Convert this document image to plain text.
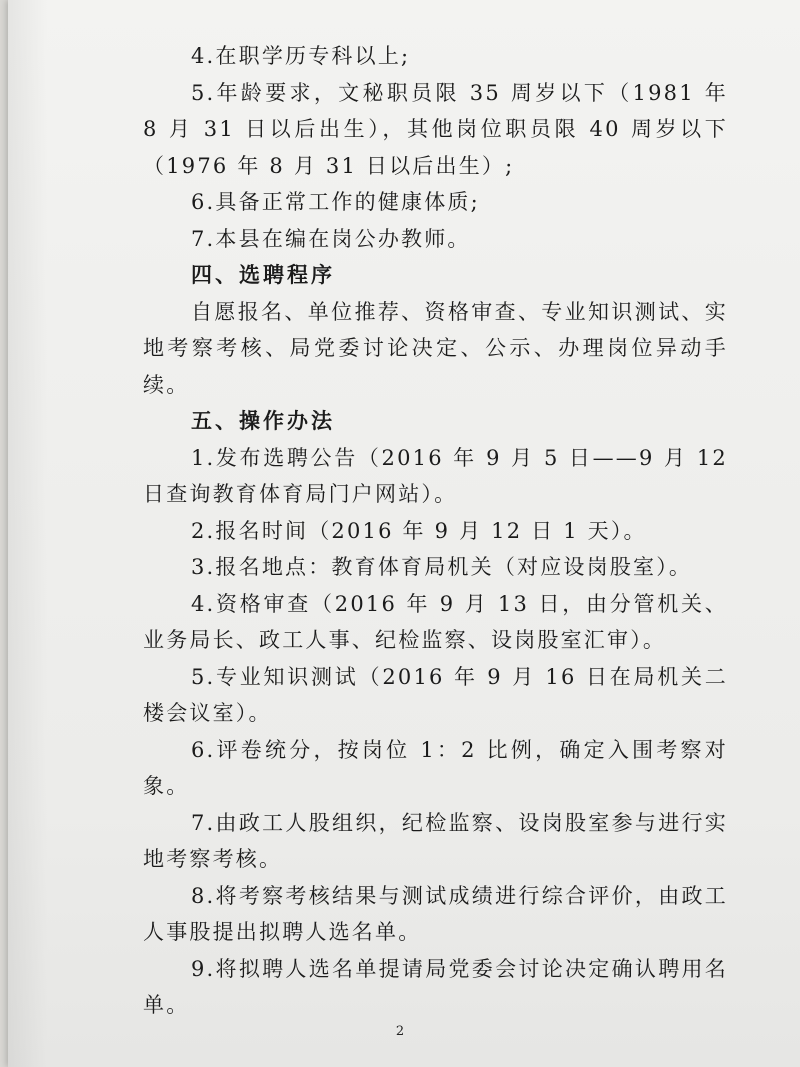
4.在职学历专科以上;

5.年龄要求，文秘职员限 35 周岁以下（1981 年 8 月 31 日以后出生），其他岗位职员限 40 周岁以下（1976 年 8 月 31 日以后出生）;

6.具备正常工作的健康体质;

7.本县在编在岗公办教师。

四、选聘程序

自愿报名、单位推荐、资格审查、专业知识测试、实地考察考核、局党委讨论决定、公示、办理岗位异动手续。

五、操作办法

1.发布选聘公告（2016 年 9 月 5 日——9 月 12 日查询教育体育局门户网站）。

2.报名时间（2016 年 9 月 12 日 1 天）。

3.报名地点：教育体育局机关（对应设岗股室）。

4.资格审查（2016 年 9 月 13 日，由分管机关、业务局长、政工人事、纪检监察、设岗股室汇审）。

5.专业知识测试（2016 年 9 月 16 日在局机关二楼会议室）。

6.评卷统分，按岗位 1：2 比例，确定入围考察对象。

7.由政工人股组织，纪检监察、设岗股室参与进行实地考察考核。

8.将考察考核结果与测试成绩进行综合评价，由政工人事股提出拟聘人选名单。

9.将拟聘人选名单提请局党委会讨论决定确认聘用名单。

2
